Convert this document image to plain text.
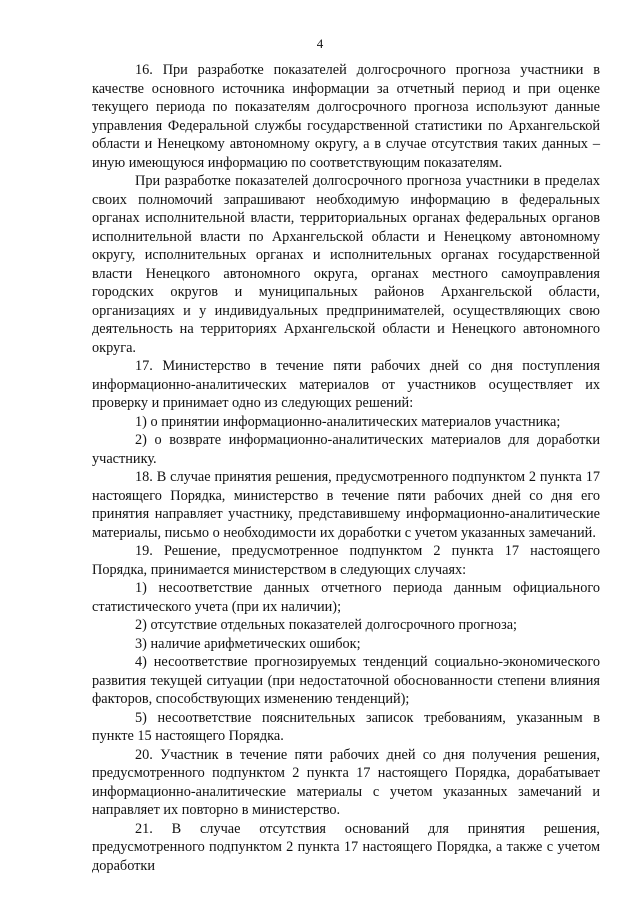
4

16. При разработке показателей долгосрочного прогноза участники в качестве основного источника информации за отчетный период и при оценке текущего периода по показателям долгосрочного прогноза используют данные управления Федеральной службы государственной статистики по Архангельской области и Ненецкому автономному округу, а в случае отсутствия таких данных – иную имеющуюся информацию по соответствующим показателям.

При разработке показателей долгосрочного прогноза участники в пределах своих полномочий запрашивают необходимую информацию в федеральных органах исполнительной власти, территориальных органах федеральных органов исполнительной власти по Архангельской области и Ненецкому автономному округу, исполнительных органах и исполнительных органах государственной власти Ненецкого автономного округа, органах местного самоуправления городских округов и муниципальных районов Архангельской области, организациях и у индивидуальных предпринимателей, осуществляющих свою деятельность на территориях Архангельской области и Ненецкого автономного округа.

17. Министерство в течение пяти рабочих дней со дня поступления информационно-аналитических материалов от участников осуществляет их проверку и принимает одно из следующих решений:

1) о принятии информационно-аналитических материалов участника;

2) о возврате информационно-аналитических материалов для доработки участнику.

18. В случае принятия решения, предусмотренного подпунктом 2 пункта 17 настоящего Порядка, министерство в течение пяти рабочих дней со дня его принятия направляет участнику, представившему информационно-аналитические материалы, письмо о необходимости их доработки с учетом указанных замечаний.

19. Решение, предусмотренное подпунктом 2 пункта 17 настоящего Порядка, принимается министерством в следующих случаях:

1) несоответствие данных отчетного периода данным официального статистического учета (при их наличии);

2) отсутствие отдельных показателей долгосрочного прогноза;

3) наличие арифметических ошибок;

4) несоответствие прогнозируемых тенденций социально-экономического развития текущей ситуации (при недостаточной обоснованности степени влияния факторов, способствующих изменению тенденций);

5) несоответствие пояснительных записок требованиям, указанным в пункте 15 настоящего Порядка.

20. Участник в течение пяти рабочих дней со дня получения решения, предусмотренного подпунктом 2 пункта 17 настоящего Порядка, дорабатывает информационно-аналитические материалы с учетом указанных замечаний и направляет их повторно в министерство.

21. В случае отсутствия оснований для принятия решения, предусмотренного подпунктом 2 пункта 17 настоящего Порядка, а также с учетом доработки
